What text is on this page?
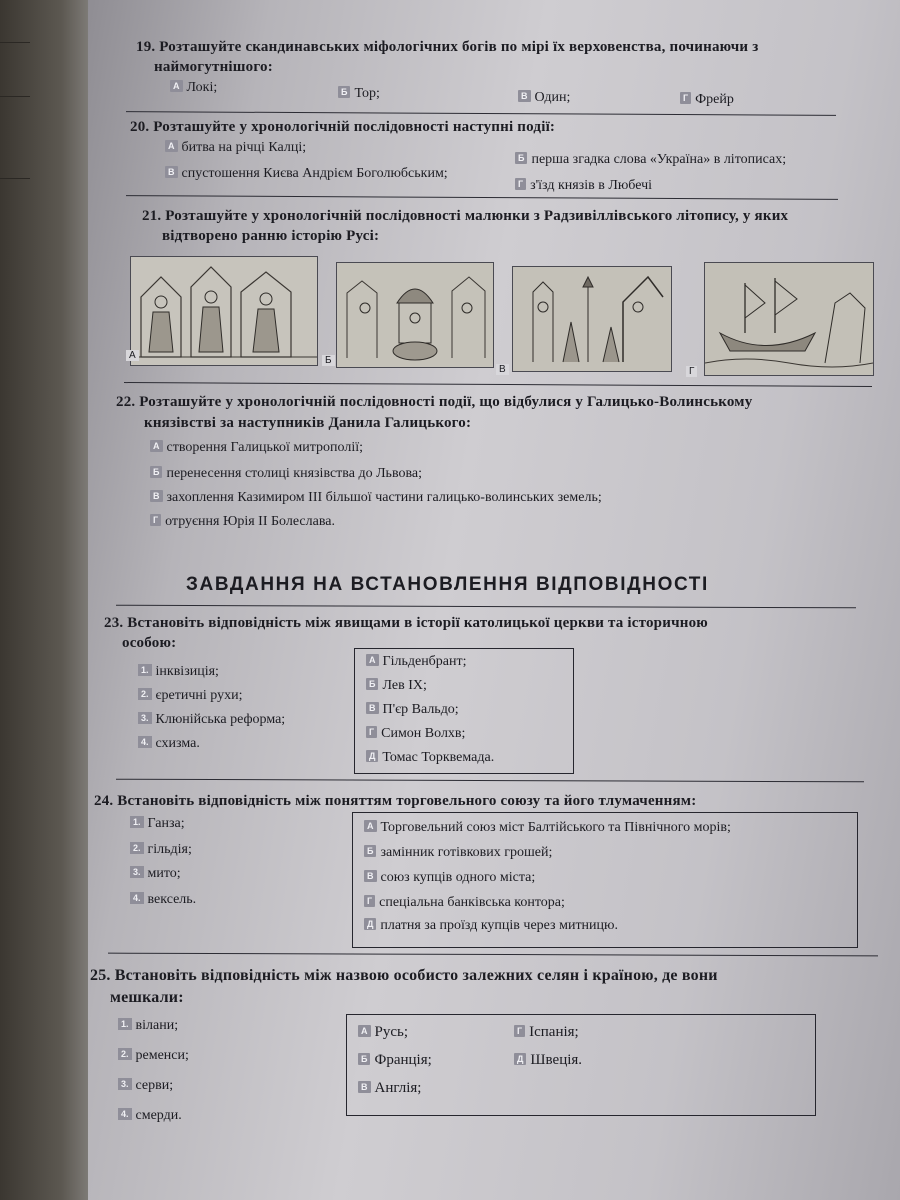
19. Розташуйте скандинавських міфологічних богів по мірі їх верховенства, починаючи з
наймогутнішого:
А Локі;	Б Тор;	В Один;	Г Фрейр
20. Розташуйте у хронологічній послідовності наступні події:
А битва на річці Калці;
Б перша згадка слова «Україна» в літописах;
В спустошення Києва Андрієм Боголюбським;
Г з'їзд князів в Любечі
21. Розташуйте у хронологічній послідовності малюнки з Радзивіллівського літопису, у яких
відтворено ранню історію Русі:
А	Б
В	Г
22. Розташуйте у хронологічній послідовності події, що відбулися у Галицько-Волинському
князівстві за наступників Данила Галицького:
А створення Галицької митрополії;
Б перенесення столиці князівства до Львова;
В захоплення Казимиром III більшої частини галицько-волинських земель;
Г отруєння Юрія II Болеслава.
ЗАВДАННЯ НА ВСТАНОВЛЕННЯ ВІДПОВІДНОСТІ
23. Встановіть відповідність між явищами в історії католицької церкви та історичною
особою:
1. інквізиція;
2. єретичні рухи;
3. Клюнійська реформа;
4. схизма.
А Гільденбрант;
Б Лев IX;
В П'єр Вальдо;
Г Симон Волхв;
Д Томас Торквемада.
24. Встановіть відповідність між поняттям торговельного союзу та його тлумаченням:
1. Ганза;
2. гільдія;
3. мито;
4. вексель.
А Торговельний союз міст Балтійського та Північного морів;
Б замінник готівкових грошей;
В союз купців одного міста;
Г спеціальна банківська контора;
Д платня за проїзд купців через митницю.
25. Встановіть відповідність між назвою особисто залежних селян і країною, де вони
мешкали:
1. вілани;
2. ременси;
3. серви;
4. смерди.
А Русь;
Б Франція;
В Англія;
Г Іспанія;
Д Швеція.
